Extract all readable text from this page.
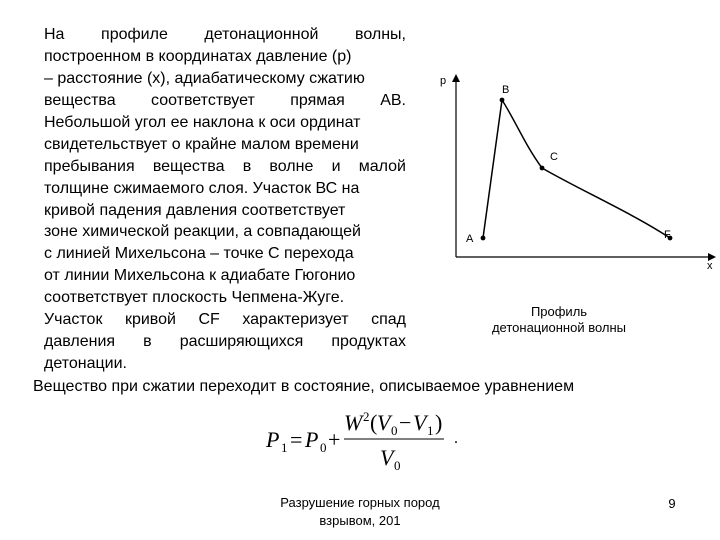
На профиле детонационной волны,
построенном в координатах давление (p)
– расстояние (x), адиабатическому сжатию
вещества соответствует прямая АВ.
Небольшой угол ее наклона к оси ординат
свидетельствует о крайне малом времени
пребывания вещества в волне и малой
толщине сжимаемого слоя. Участок ВС на
кривой падения давления соответствует
зоне химической реакции, а совпадающей
с линией Михельсона – точке С перехода
от линии Михельсона к адиабате Гюгонио
соответствует плоскость Чепмена-Жуге.
Участок кривой CF характеризует спад
давления в расширяющихся продуктах
детонации.
p
x
A
B
C
F
Профиль
детонационной волны
Вещество при сжатии переходит в состояние, описываемое уравнением
P 1 = P 0 +
W 2 ( V 0 − V 1 )
V 0
.
Разрушение горных пород
взрывом, 201
9
